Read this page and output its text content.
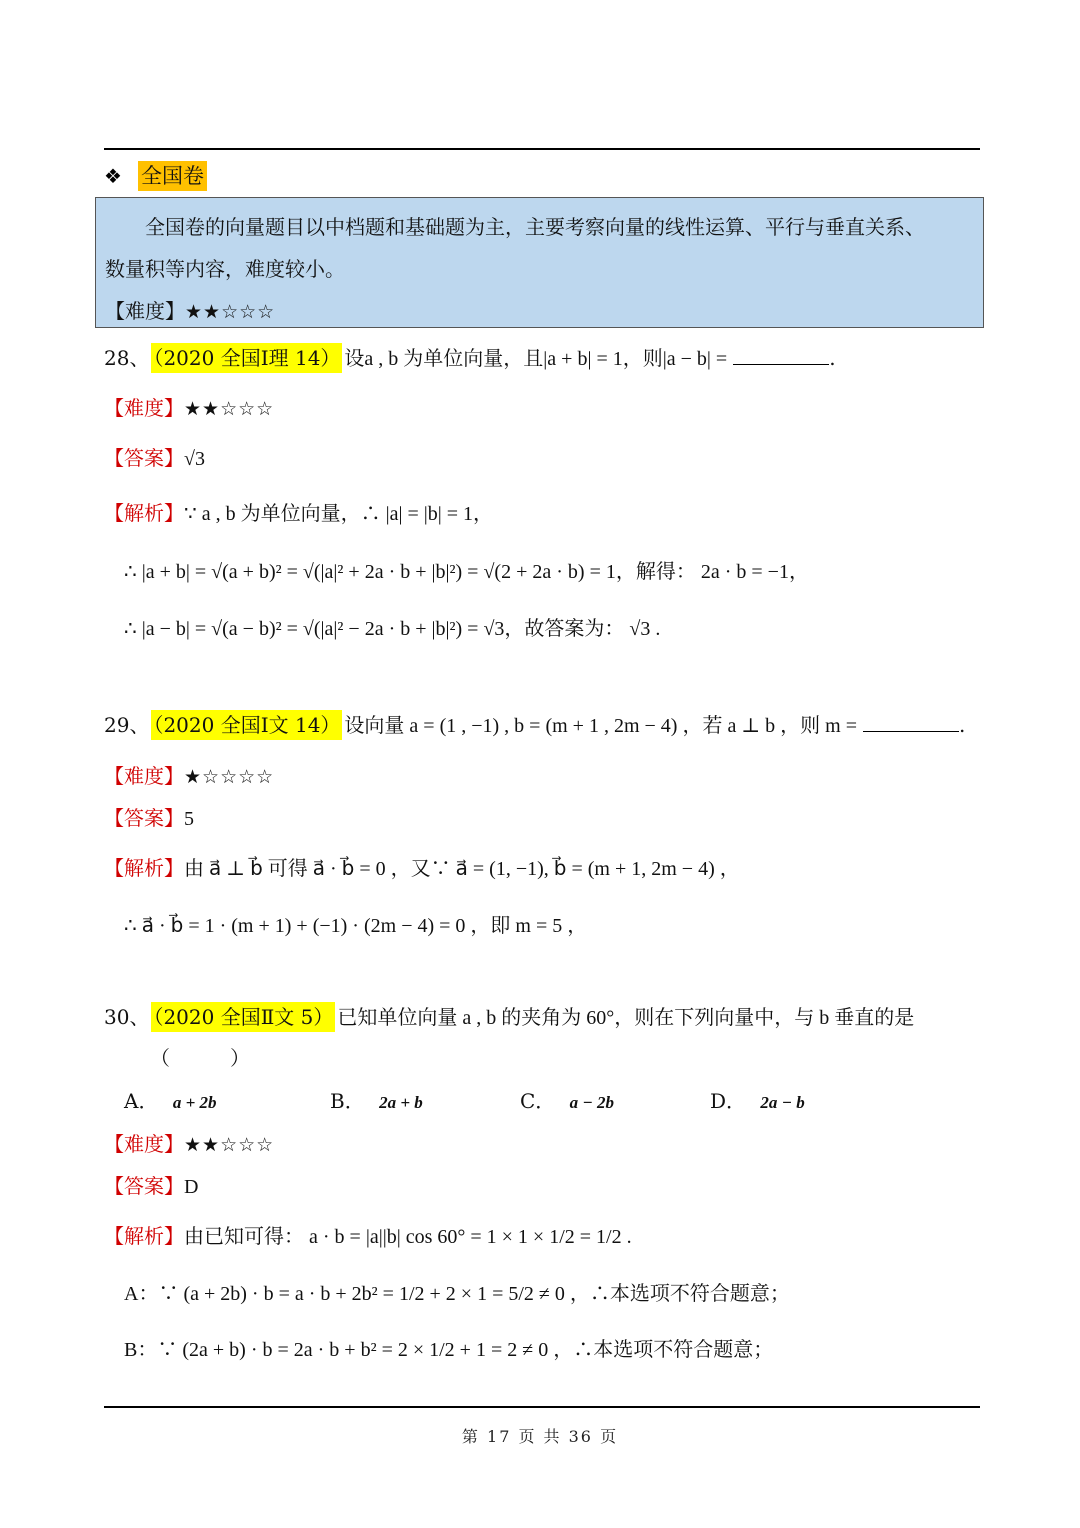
❖ 全国卷
全国卷的向量题目以中档题和基础题为主，主要考察向量的线性运算、平行与垂直关系、
数量积等内容，难度较小。
【难度】★★☆☆☆
28、 （2020 全国Ⅰ理 14） 设a , b 为单位向量，且|a + b| = 1，则|a − b| =	.
【难度】★★☆☆☆
【答案】√3
【解析】∵ a , b 为单位向量，∴ |a| = |b| = 1，
∴ |a + b| = √(a + b)² = √(|a|² + 2a · b + |b|²) = √(2 + 2a · b) = 1，解得： 2a · b = −1，
∴ |a − b| = √(a − b)² = √(|a|² − 2a · b + |b|²) = √3，故答案为： √3 .
29、 （2020 全国Ⅰ文 14） 设向量 a = (1 , −1) , b = (m + 1 , 2m − 4) ，若 a ⊥ b ，则 m =	.
【难度】★☆☆☆☆
【答案】5
【解析】由 a⃗ ⊥ b⃗ 可得 a⃗ · b⃗ = 0 ，又∵ a⃗ = (1, −1), b⃗ = (m + 1, 2m − 4) ，
∴ a⃗ · b⃗ = 1 · (m + 1) + (−1) · (2m − 4) = 0 ，即 m = 5 ，
30、 （2020 全国Ⅱ文 5） 已知单位向量 a , b 的夹角为 60°，则在下列向量中，与 b 垂直的是
（　　　）
A． a + 2b	B． 2a + b	C． a − 2b	D． 2a − b
【难度】★★☆☆☆
【答案】D
【解析】由已知可得： a · b = |a||b| cos 60° = 1 × 1 × 1/2 = 1/2 .
A：∵ (a + 2b) · b = a · b + 2b² = 1/2 + 2 × 1 = 5/2 ≠ 0 ，∴本选项不符合题意；
B：∵ (2a + b) · b = 2a · b + b² = 2 × 1/2 + 1 = 2 ≠ 0 ，∴本选项不符合题意；
第 17 页 共 36 页
